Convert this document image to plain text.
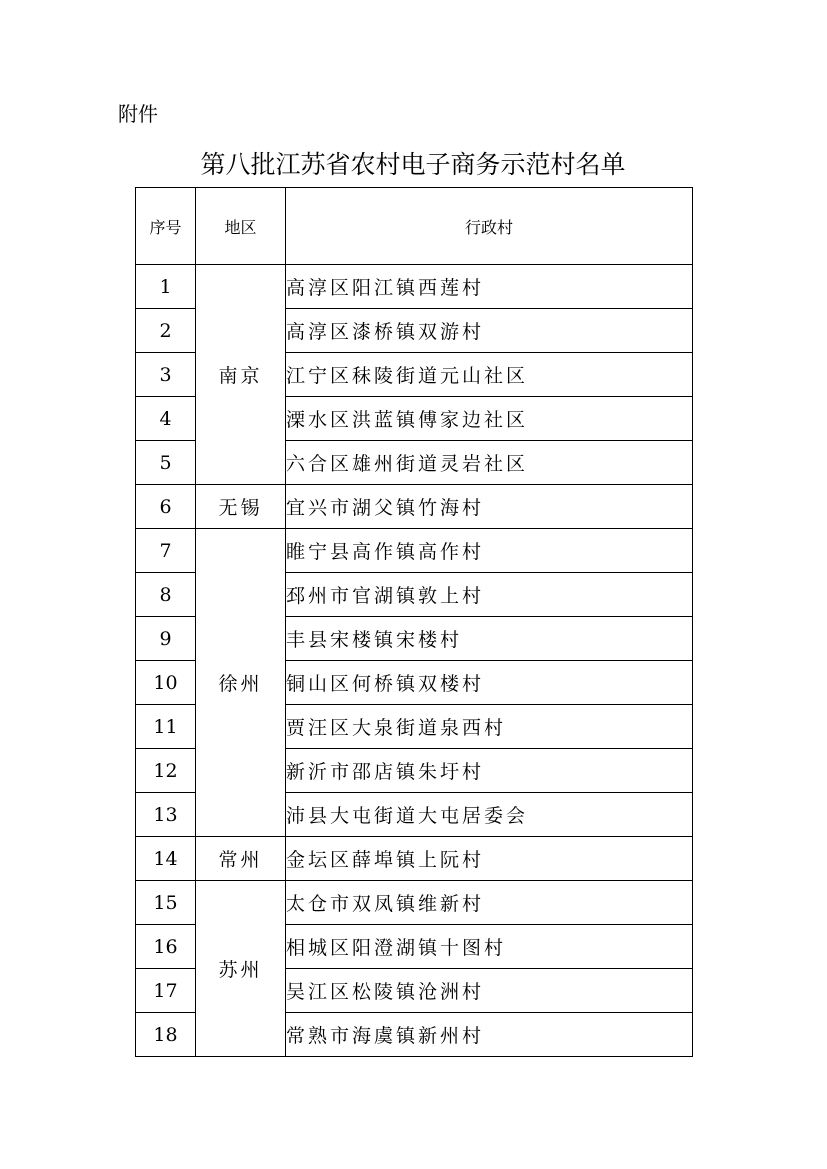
附件
第八批江苏省农村电子商务示范村名单
序号	地区	行政村
1	南京	高淳区阳江镇西莲村
2		高淳区漆桥镇双游村
3		江宁区秣陵街道元山社区
4		溧水区洪蓝镇傅家边社区
5		六合区雄州街道灵岩社区
6	无锡	宜兴市湖父镇竹海村
7	徐州	睢宁县高作镇高作村
8		邳州市官湖镇敦上村
9		丰县宋楼镇宋楼村
10		铜山区何桥镇双楼村
11		贾汪区大泉街道泉西村
12		新沂市邵店镇朱圩村
13		沛县大屯街道大屯居委会
14	常州	金坛区薛埠镇上阮村
15	苏州	太仓市双凤镇维新村
16		相城区阳澄湖镇十图村
17		吴江区松陵镇沧洲村
18		常熟市海虞镇新州村
